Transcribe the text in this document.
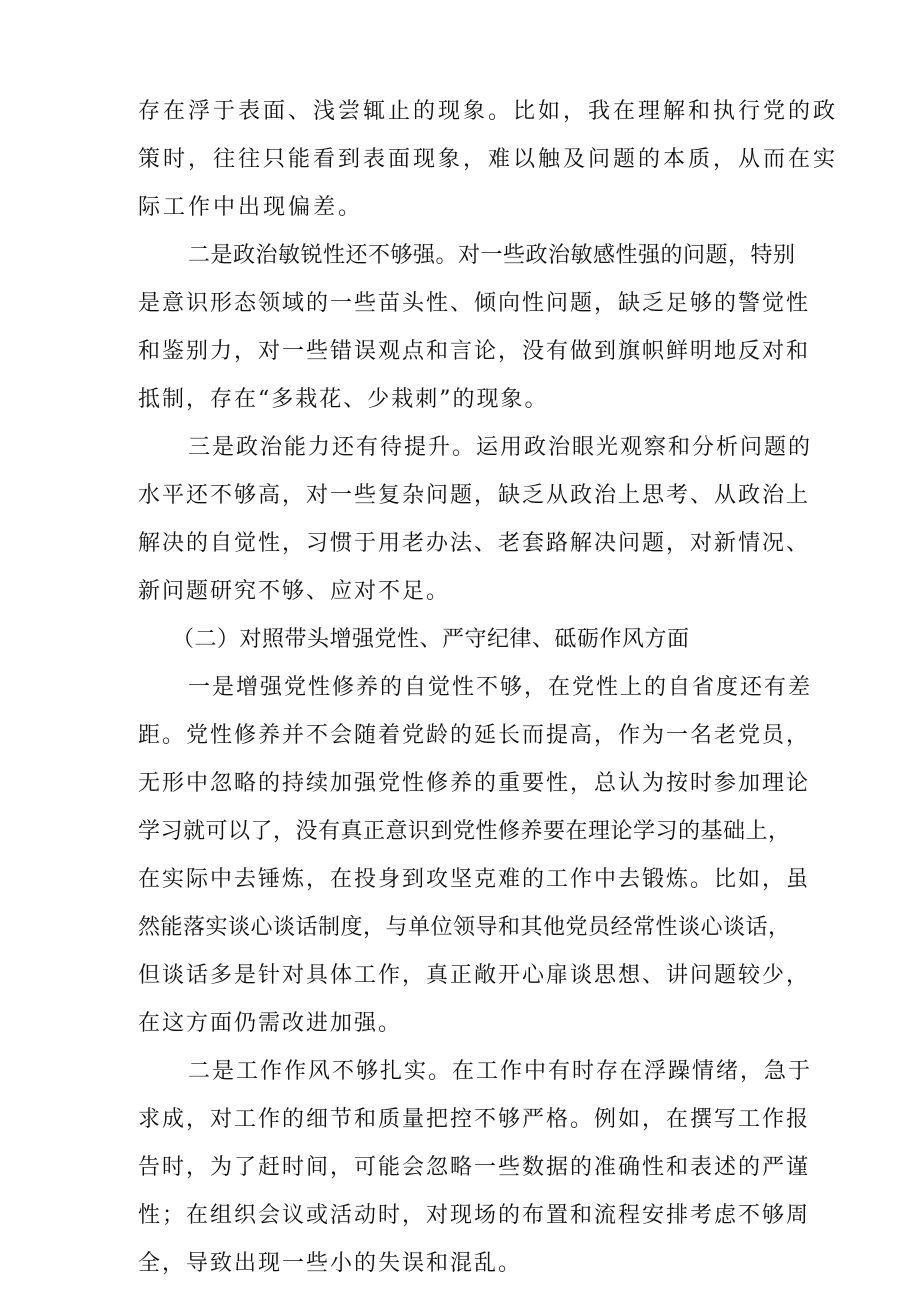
存在浮于表面、浅尝辄止的现象。比如，我在理解和执行党的政
策时，往往只能看到表面现象，难以触及问题的本质，从而在实
际工作中出现偏差。
二是政治敏锐性还不够强。对一些政治敏感性强的问题，特别
是意识形态领域的一些苗头性、倾向性问题，缺乏足够的警觉性
和鉴别力，对一些错误观点和言论，没有做到旗帜鲜明地反对和
抵制，存在“多栽花、少栽刺”的现象。
三是政治能力还有待提升。运用政治眼光观察和分析问题的
水平还不够高，对一些复杂问题，缺乏从政治上思考、从政治上
解决的自觉性，习惯于用老办法、老套路解决问题，对新情况、
新问题研究不够、应对不足。
（二）对照带头增强党性、严守纪律、砥砺作风方面
一是增强党性修养的自觉性不够，在党性上的自省度还有差
距。党性修养并不会随着党龄的延长而提高，作为一名老党员，
无形中忽略的持续加强党性修养的重要性，总认为按时参加理论
学习就可以了，没有真正意识到党性修养要在理论学习的基础上，
在实际中去锤炼，在投身到攻坚克难的工作中去锻炼。比如，虽
然能落实谈心谈话制度，与单位领导和其他党员经常性谈心谈话，
但谈话多是针对具体工作，真正敞开心扉谈思想、讲问题较少，
在这方面仍需改进加强。
二是工作作风不够扎实。在工作中有时存在浮躁情绪，急于
求成，对工作的细节和质量把控不够严格。例如，在撰写工作报
告时，为了赶时间，可能会忽略一些数据的准确性和表述的严谨
性；在组织会议或活动时，对现场的布置和流程安排考虑不够周
全，导致出现一些小的失误和混乱。
